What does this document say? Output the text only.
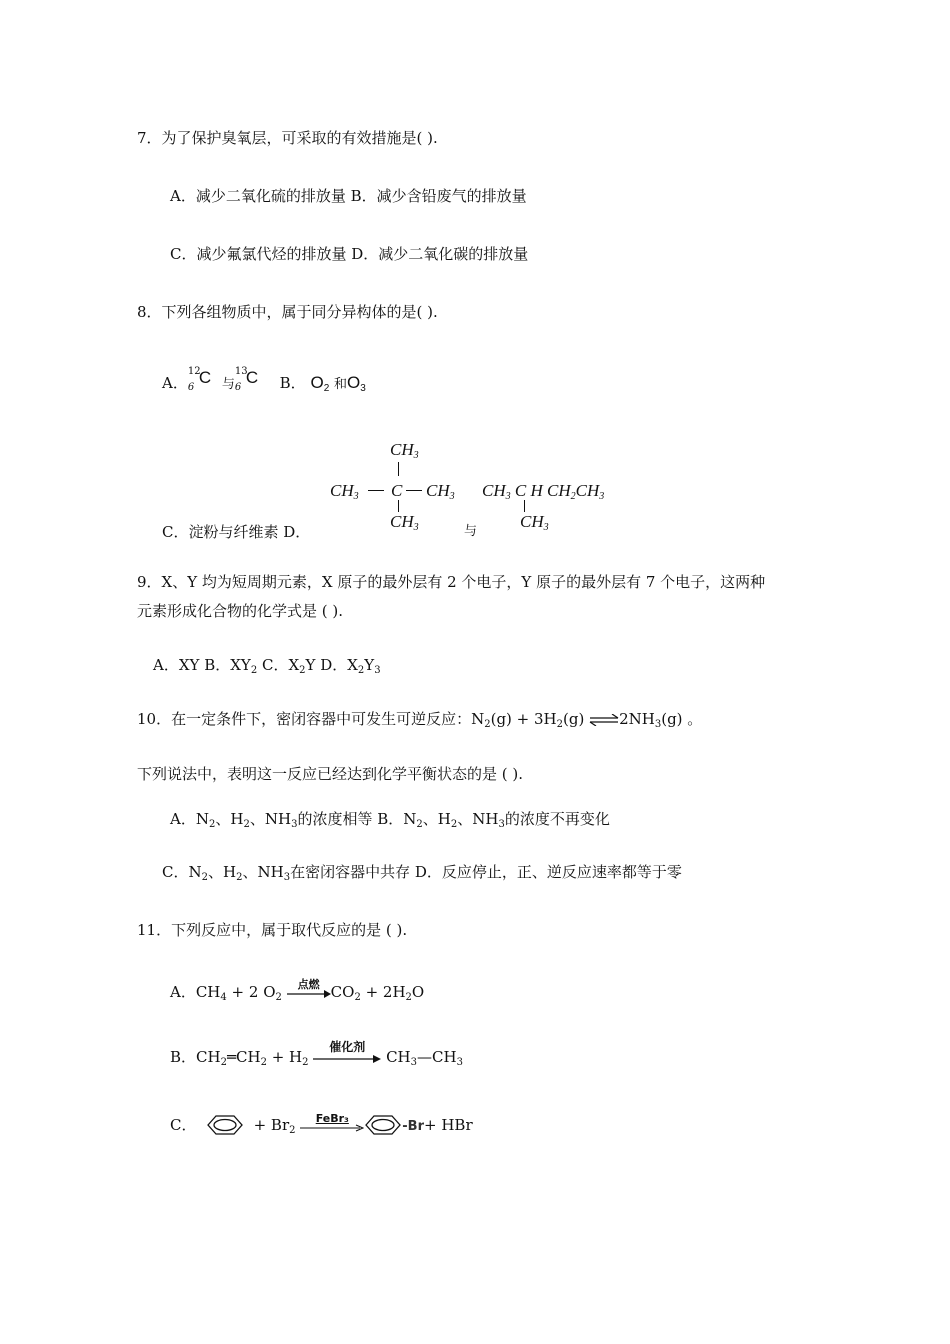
7．为了保护臭氧层，可采取的有效措施是( ).
A．减少二氧化硫的排放量 B．减少含铅废气的排放量
C．减少氟氯代烃的排放量 D．减少二氧化碳的排放量
8．下列各组物质中，属于同分异构体的是( ).
A．
12
6
C 与
13
6
C B． $O_2$ 和$O_3$
C．淀粉与纤维素 D．
$CH_3$
$CH_3$ C $CH_3$
$CH_3$	与
$CH_3$ C H $CH_2CH_3$
$CH_3$
9．X、Y 均为短周期元素，X 原子的最外层有 2 个电子，Y 原子的最外层有 7 个电子，这两种
元素形成化合物的化学式是 ( ).
A．XY B．$XY_2$ C．$X_2Y$ D．$X_2Y_3$
10．在一定条件下，密闭容器中可发生可逆反应：$N_2(g) + 3H_2(g)$ $\rightleftharpoons 2NH_3(g)$ 。
下列说法中，表明这一反应已经达到化学平衡状态的是 ( ).
A．$N_2$、$H_2$、$NH_3$的浓度相等 B．$N_2$、$H_2$、$NH_3$的浓度不再变化
C．$N_2$、$H_2$、$NH_3$在密闭容器中共存 D．反应停止，正、逆反应速率都等于零
11．下列反应中，属于取代反应的是 ( ).
A．$CH_4 + 2$ $O_2$
点燃 $CO_2 + 2H_2O$
B．$CH_2═CH_2 + H_2$
催化剂
$CH_3—CH_3$
C．	+ $Br_2$
FeBr₃
-Br+ HBr
